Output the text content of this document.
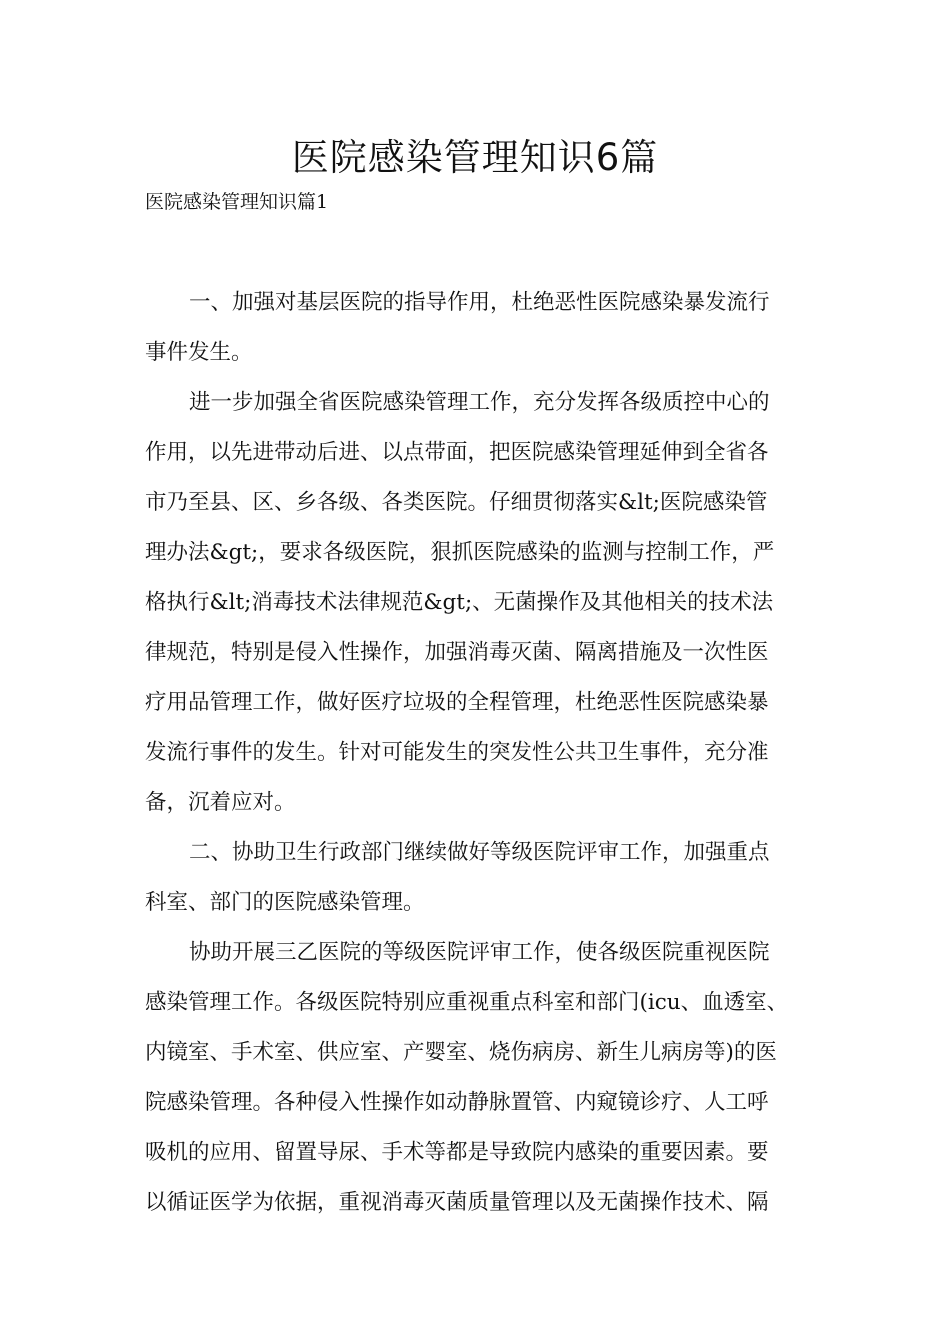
医院感染管理知识6篇

医院感染管理知识篇1

一、加强对基层医院的指导作用，杜绝恶性医院感染暴发流行
事件发生。
进一步加强全省医院感染管理工作，充分发挥各级质控中心的
作用，以先进带动后进、以点带面，把医院感染管理延伸到全省各
市乃至县、区、乡各级、各类医院。仔细贯彻落实&lt;医院感染管
理办法&gt;，要求各级医院，狠抓医院感染的监测与控制工作，严
格执行&lt;消毒技术法律规范&gt;、无菌操作及其他相关的技术法
律规范，特别是侵入性操作，加强消毒灭菌、隔离措施及一次性医
疗用品管理工作，做好医疗垃圾的全程管理，杜绝恶性医院感染暴
发流行事件的发生。针对可能发生的突发性公共卫生事件，充分准
备，沉着应对。
二、协助卫生行政部门继续做好等级医院评审工作，加强重点
科室、部门的医院感染管理。
协助开展三乙医院的等级医院评审工作，使各级医院重视医院
感染管理工作。各级医院特别应重视重点科室和部门(icu、血透室、
内镜室、手术室、供应室、产婴室、烧伤病房、新生儿病房等)的医
院感染管理。各种侵入性操作如动静脉置管、内窥镜诊疗、人工呼
吸机的应用、留置导尿、手术等都是导致院内感染的重要因素。要
以循证医学为依据，重视消毒灭菌质量管理以及无菌操作技术、隔
